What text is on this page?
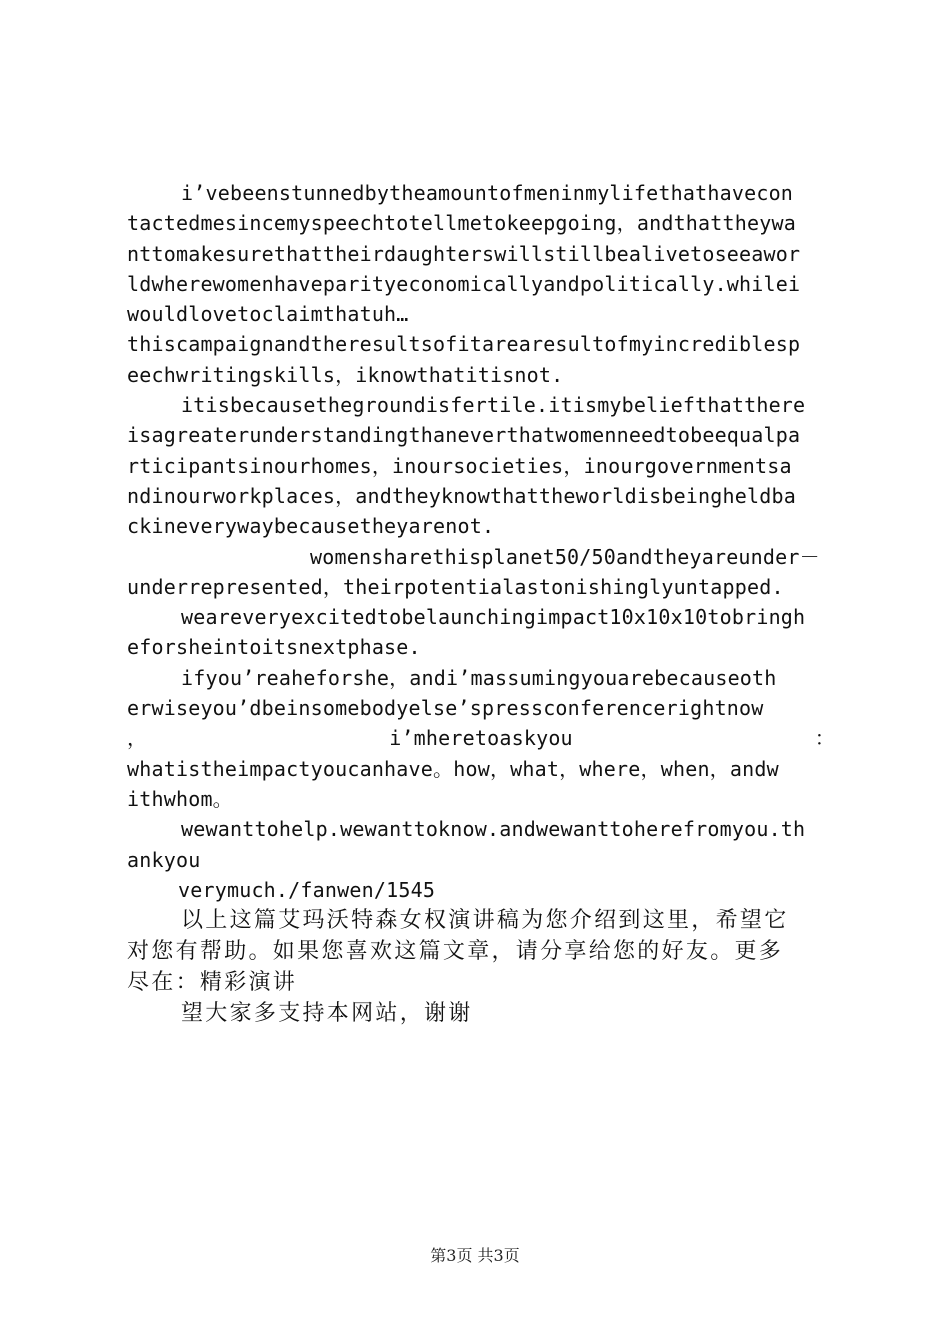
i’vebeenstunnedbytheamountofmeninmylifethathavecon
tactedmesincemyspeechtotellmetokeepgoing，andthattheywa
nttomakesurethattheirdaughterswillstillbealivetoseeawor
ldwherewomenhaveparityeconomicallyandpolitically.whilei
wouldlovetoclaimthatuh…
thiscampaignandtheresultsofitarearesultofmyincrediblesp
eechwritingskills，iknowthatitisnot.
itisbecausethegroundisfertile.itismybeliefthatthere
isagreaterunderstandingthaneverthatwomenneedtobeequalpa
rticipantsinourhomes，inoursocieties，inourgovernmentsa
ndinourworkplaces，andtheyknowthattheworldisbeingheldba
ckineverywaybecausetheyarenot.
womensharethisplanet50/50andtheyareunder－
underrepresented，theirpotentialastonishinglyuntapped.
weareveryexcitedtobelaunchingimpact10x10x10tobringh
eforsheintoitsnextphase.
ifyou’reaheforshe，andi’massumingyouarebecauseoth
erwiseyou’dbeinsomebodyelse’spressconferencerightnow
，	i’mheretoaskyou	：
whatistheimpactyoucanhave。how，what，where，when，andw
ithwhom。
wewanttohelp.wewanttoknow.andwewanttoherefromyou.th
ankyou
verymuch./fanwen/1545
以上这篇艾玛沃特森女权演讲稿为您介绍到这里，希望它
对您有帮助。如果您喜欢这篇文章，请分享给您的好友。更多
尽在：精彩演讲
望大家多支持本网站，谢谢
第3页 共3页
